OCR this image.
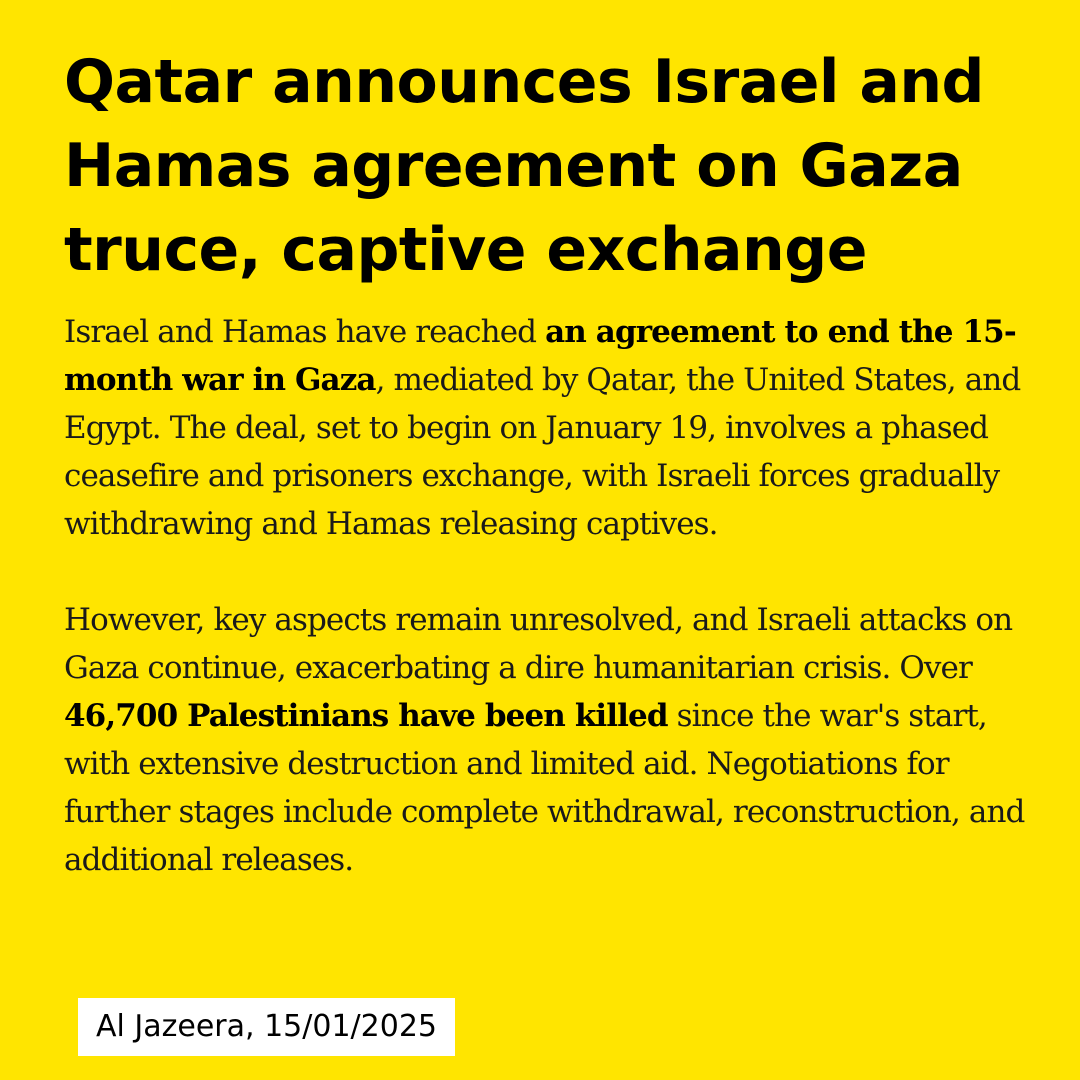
Qatar announces Israel and Hamas agreement on Gaza truce, captive exchange

Israel and Hamas have reached an agreement to end the 15-month war in Gaza, mediated by Qatar, the United States, and Egypt. The deal, set to begin on January 19, involves a phased ceasefire and prisoners exchange, with Israeli forces gradually withdrawing and Hamas releasing captives.

However, key aspects remain unresolved, and Israeli attacks on Gaza continue, exacerbating a dire humanitarian crisis. Over 46,700 Palestinians have been killed since the war's start, with extensive destruction and limited aid. Negotiations for further stages include complete withdrawal, reconstruction, and additional releases.

Al Jazeera, 15/01/2025
